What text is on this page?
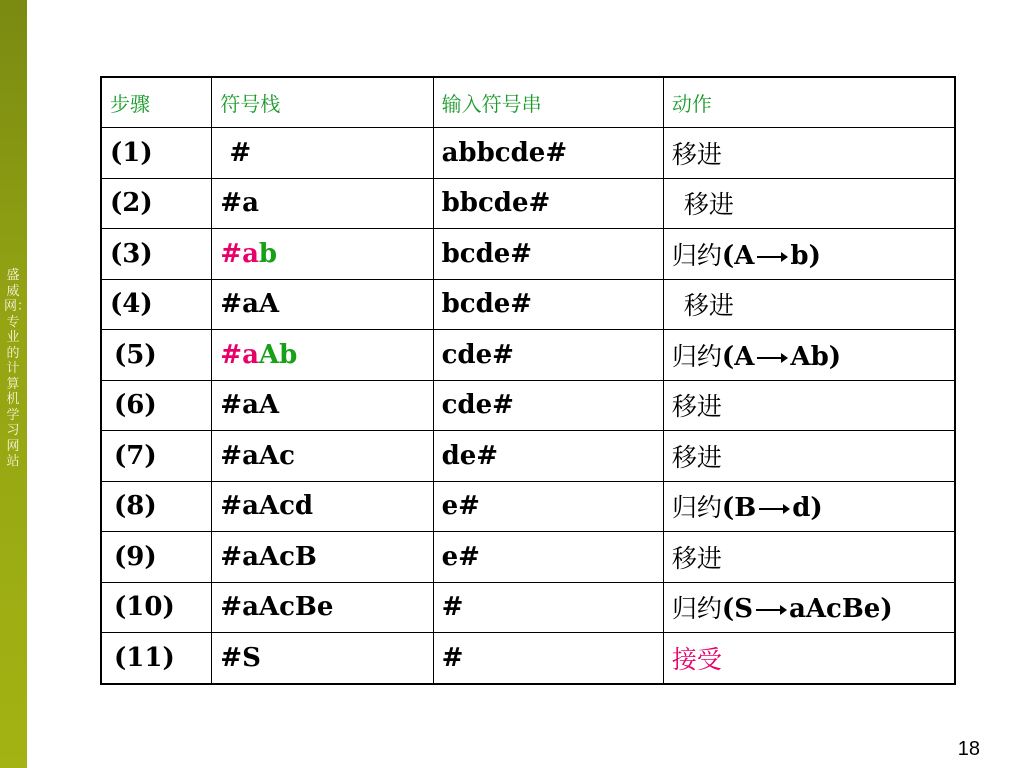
盛威网：专业的计算机学习网站
步骤	符号栈	输入符号串	动作
(1)	#	abbcde#	移进
(2)	#a	bbcde#	移进
(3)	#ab	bcde#	归约(A b)
(4)	#aA	bcde#	移进
(5)	#aAb	cde#	归约(A Ab)
(6)	#aA	cde#	移进
(7)	#aAc	de#	移进
(8)	#aAcd	e#	归约(B d)
(9)	#aAcB	e#	移进
(10)	#aAcBe	#	归约(S aAcBe)
(11)	#S	#	接受
18
